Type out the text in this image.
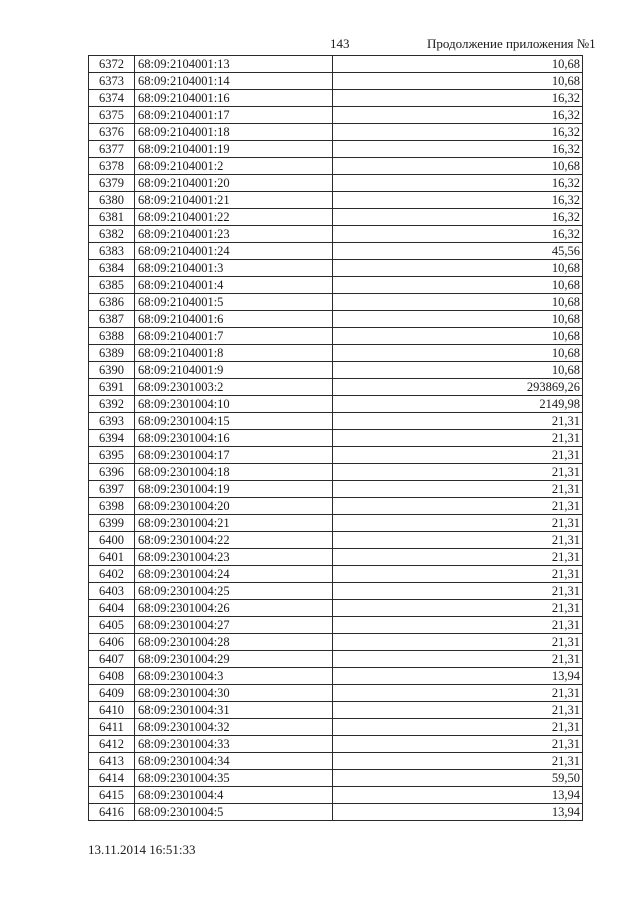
143	Продолжение приложения №1
6372	68:09:2104001:13	10,68
6373	68:09:2104001:14	10,68
6374	68:09:2104001:16	16,32
6375	68:09:2104001:17	16,32
6376	68:09:2104001:18	16,32
6377	68:09:2104001:19	16,32
6378	68:09:2104001:2	10,68
6379	68:09:2104001:20	16,32
6380	68:09:2104001:21	16,32
6381	68:09:2104001:22	16,32
6382	68:09:2104001:23	16,32
6383	68:09:2104001:24	45,56
6384	68:09:2104001:3	10,68
6385	68:09:2104001:4	10,68
6386	68:09:2104001:5	10,68
6387	68:09:2104001:6	10,68
6388	68:09:2104001:7	10,68
6389	68:09:2104001:8	10,68
6390	68:09:2104001:9	10,68
6391	68:09:2301003:2	293869,26
6392	68:09:2301004:10	2149,98
6393	68:09:2301004:15	21,31
6394	68:09:2301004:16	21,31
6395	68:09:2301004:17	21,31
6396	68:09:2301004:18	21,31
6397	68:09:2301004:19	21,31
6398	68:09:2301004:20	21,31
6399	68:09:2301004:21	21,31
6400	68:09:2301004:22	21,31
6401	68:09:2301004:23	21,31
6402	68:09:2301004:24	21,31
6403	68:09:2301004:25	21,31
6404	68:09:2301004:26	21,31
6405	68:09:2301004:27	21,31
6406	68:09:2301004:28	21,31
6407	68:09:2301004:29	21,31
6408	68:09:2301004:3	13,94
6409	68:09:2301004:30	21,31
6410	68:09:2301004:31	21,31
6411	68:09:2301004:32	21,31
6412	68:09:2301004:33	21,31
6413	68:09:2301004:34	21,31
6414	68:09:2301004:35	59,50
6415	68:09:2301004:4	13,94
6416	68:09:2301004:5	13,94
13.11.2014 16:51:33
